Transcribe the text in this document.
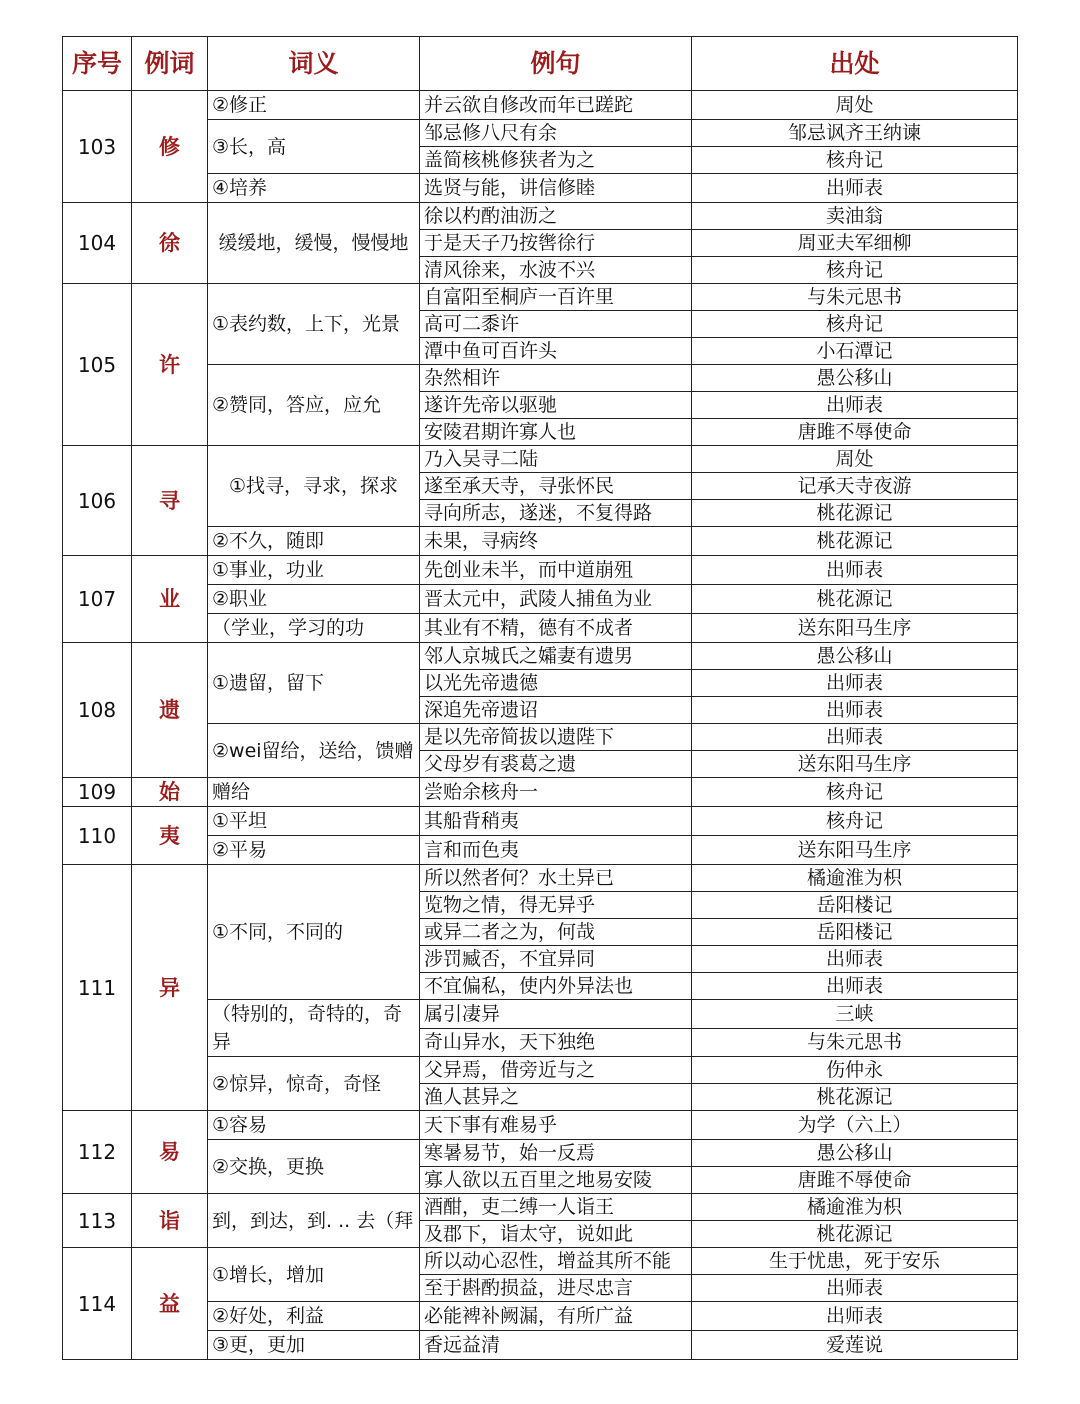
序号	例词	词义	例句	出处
103	修	②修正	并云欲自修改而年已蹉跎	周处
		③长，高	邹忌修八尺有余	邹忌讽齐王纳谏
			盖简核桃修狭者为之	核舟记
		④培养	选贤与能，讲信修睦	出师表
104	徐	缓缓地，缓慢，慢慢地	徐以杓酌油沥之	卖油翁
			于是天子乃按辔徐行	周亚夫军细柳
			清风徐来，水波不兴	核舟记
105	许	①表约数，上下，光景	自富阳至桐庐一百许里	与朱元思书
			高可二黍许	核舟记
			潭中鱼可百许头	小石潭记
		②赞同，答应，应允	杂然相许	愚公移山
			遂许先帝以驱驰	出师表
			安陵君期许寡人也	唐雎不辱使命
106	寻	①找寻，寻求，探求	乃入吴寻二陆	周处
			遂至承天寺，寻张怀民	记承天寺夜游
			寻向所志，遂迷，不复得路	桃花源记
		②不久，随即	未果，寻病终	桃花源记
107	业	①事业，功业	先创业未半，而中道崩殂	出师表
		②职业	晋太元中，武陵人捕鱼为业	桃花源记
		（学业，学习的功	其业有不精，德有不成者	送东阳马生序
108	遗	①遗留，留下	邻人京城氏之孀妻有遗男	愚公移山
			以光先帝遗德	出师表
			深追先帝遗诏	出师表
		②wei留给，送给，馈赠	是以先帝简拔以遗陛下	出师表
			父母岁有裘葛之遗	送东阳马生序
109	始	赠给	尝贻余核舟一	核舟记
110	夷	①平坦	其船背稍夷	核舟记
		②平易	言和而色夷	送东阳马生序
111	异	①不同，不同的	所以然者何？水土异已	橘逾淮为枳
			览物之情，得无异乎	岳阳楼记
			或异二者之为，何哉	岳阳楼记
			涉罚臧否，不宜异同	出师表
			不宜偏私，使内外异法也	出师表
		（特别的，奇特的，奇异	属引凄异	三峡
			奇山异水，天下独绝	与朱元思书
		②惊异，惊奇，奇怪	父异焉，借旁近与之	伤仲永
			渔人甚异之	桃花源记
112	易	①容易	天下事有难易乎	为学（六上）
		②交换，更换	寒暑易节，始一反焉	愚公移山
			寡人欲以五百里之地易安陵	唐雎不辱使命
113	诣	到，到达，到. .. 去（拜	酒酣，吏二缚一人诣王	橘逾淮为枳
			及郡下，诣太守，说如此	桃花源记
114	益	①增长，增加	所以动心忍性，增益其所不能	生于忧患，死于安乐
			至于斟酌损益，进尽忠言	出师表
		②好处，利益	必能裨补阙漏，有所广益	出师表
		③更，更加	香远益清	爱莲说
